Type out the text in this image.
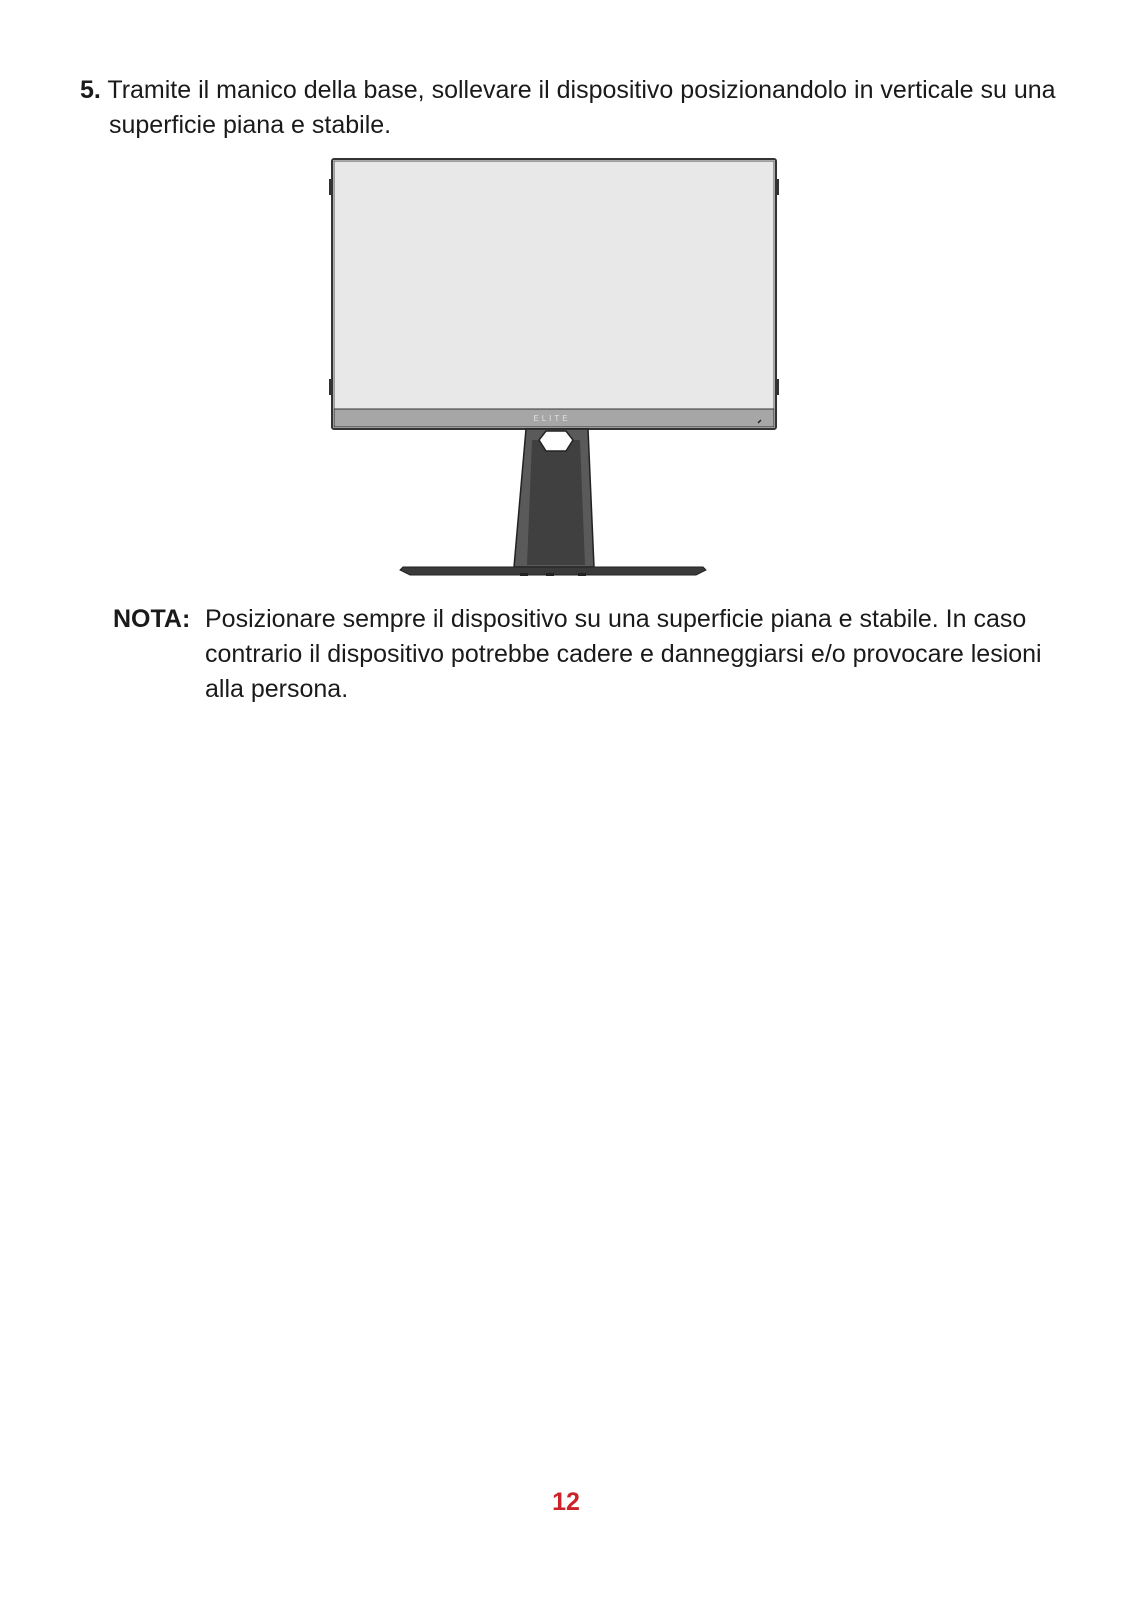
5. Tramite il manico della base, sollevare il dispositivo posizionandolo in verticale su una superficie piana e stabile.
ELITE
NOTA: Posizionare sempre il dispositivo su una superficie piana e stabile. In caso contrario il dispositivo potrebbe cadere e danneggiarsi e/o provocare lesioni alla persona.
12
